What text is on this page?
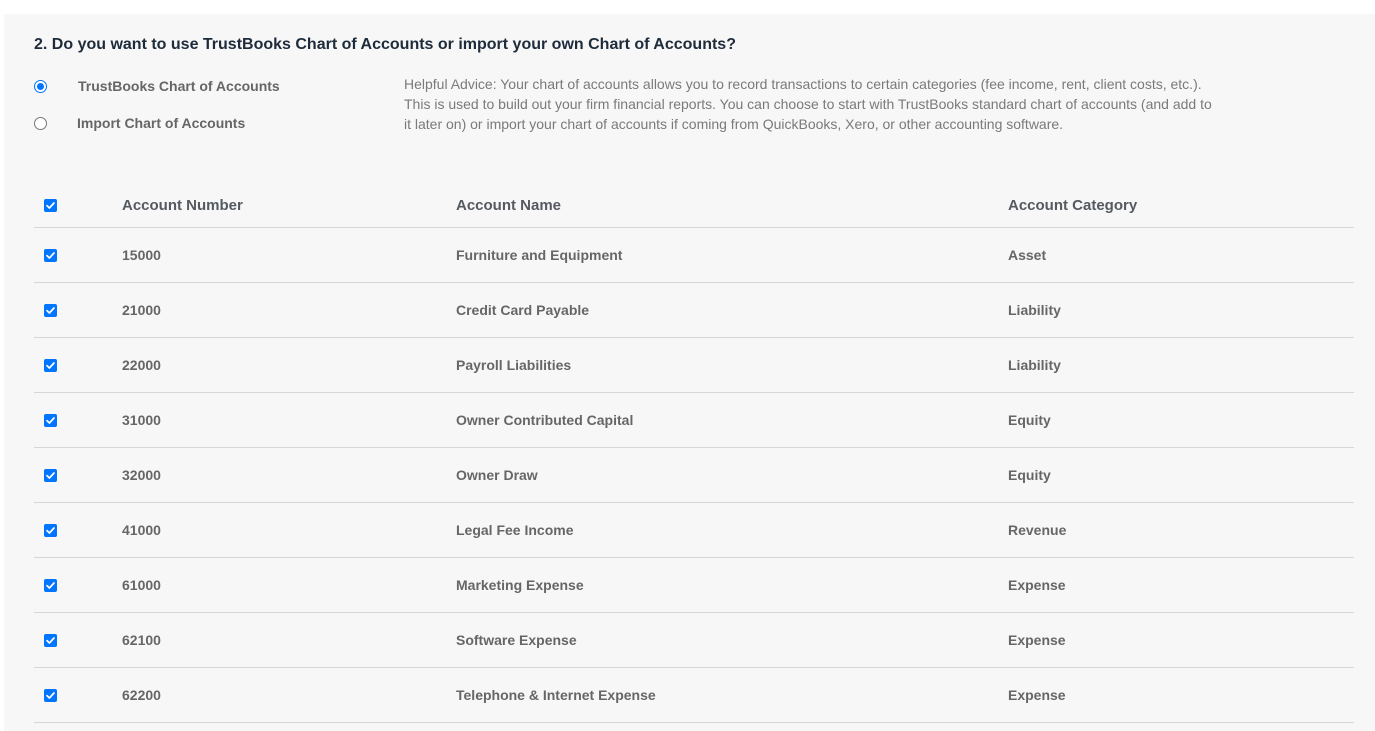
2. Do you want to use TrustBooks Chart of Accounts or import your own Chart of Accounts?
TrustBooks Chart of Accounts
Import Chart of Accounts
Helpful Advice: Your chart of accounts allows you to record transactions to certain categories (fee income, rent, client costs, etc.). This is used to build out your firm financial reports. You can choose to start with TrustBooks standard chart of accounts (and add to it later on) or import your chart of accounts if coming from QuickBooks, Xero, or other accounting software.
Account Number	Account Name	Account Category
15000	Furniture and Equipment	Asset
21000	Credit Card Payable	Liability
22000	Payroll Liabilities	Liability
31000	Owner Contributed Capital	Equity
32000	Owner Draw	Equity
41000	Legal Fee Income	Revenue
61000	Marketing Expense	Expense
62100	Software Expense	Expense
62200	Telephone & Internet Expense	Expense
